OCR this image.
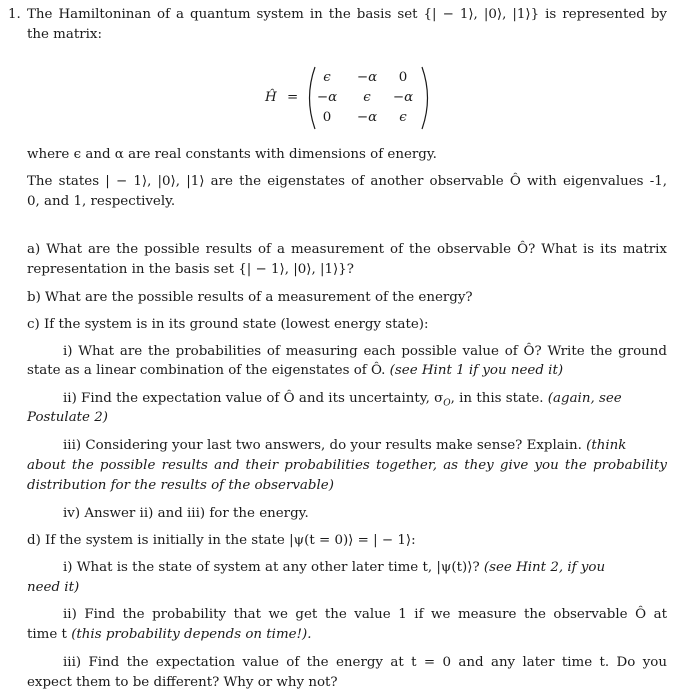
1. The Hamiltoninan of a quantum system in the basis set {| − 1⟩, |0⟩, |1⟩} is represented by

the matrix:

Ĥ =
ϵ	−α	0
−α	ϵ	−α
0	−α	ϵ

where ϵ and α are real constants with dimensions of energy.

The states | − 1⟩, |0⟩, |1⟩ are the eigenstates of another observable Ô with eigenvalues -1,

0, and 1, respectively.

a) What are the possible results of a measurement of the observable Ô? What is its matrix

representation in the basis set {| − 1⟩, |0⟩, |1⟩}?

b) What are the possible results of a measurement of the energy?

c) If the system is in its ground state (lowest energy state):

i) What are the probabilities of measuring each possible value of Ô? Write the ground

state as a linear combination of the eigenstates of Ô. (see Hint 1 if you need it)

ii) Find the expectation value of Ô and its uncertainty, $\sigma_O$, in this state. (again, see

Postulate 2)

iii) Considering your last two answers, do your results make sense? Explain. (think

about the possible results and their probabilities together, as they give you the probability

distribution for the results of the observable)

iv) Answer ii) and iii) for the energy.

d) If the system is initially in the state |ψ(t = 0)⟩ = | − 1⟩:

i) What is the state of system at any other later time t, |ψ(t)⟩? (see Hint 2, if you

need it)

ii) Find the probability that we get the value 1 if we measure the observable Ô at

time t (this probability depends on time!).

iii) Find the expectation value of the energy at t = 0 and any later time t. Do you

expect them to be different? Why or why not?
